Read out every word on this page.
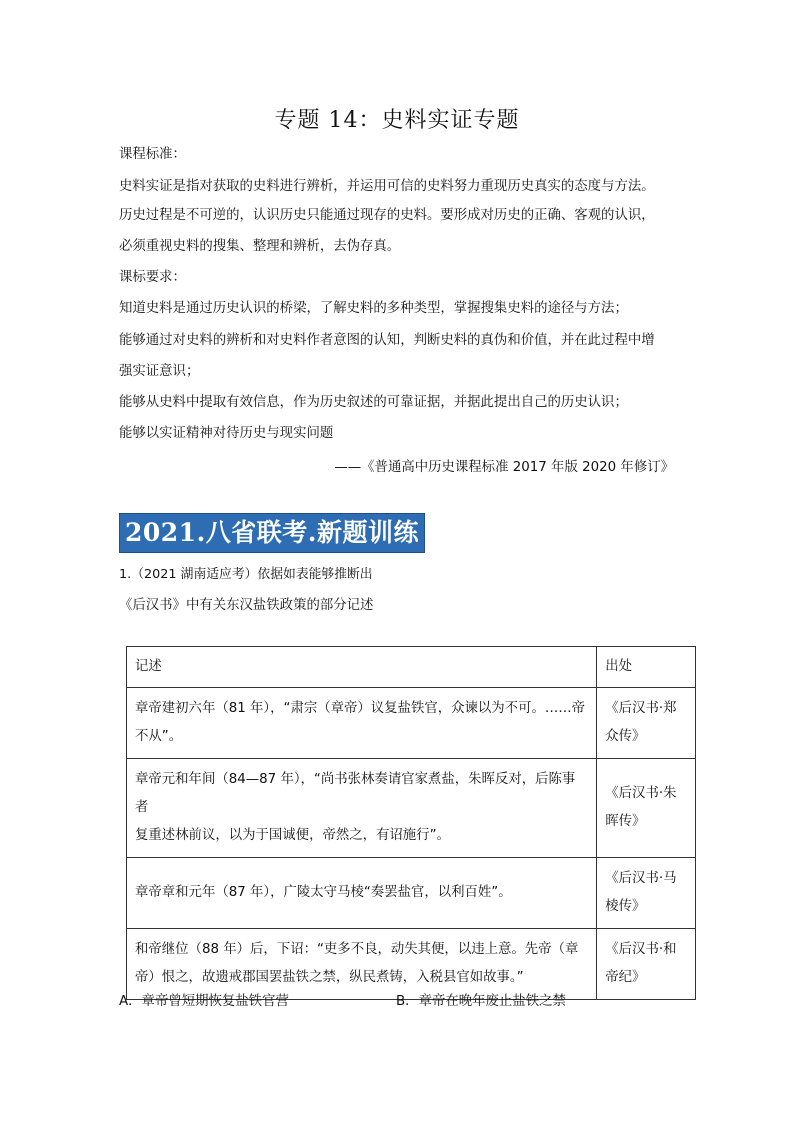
专题 14：史料实证专题
课程标准：
史料实证是指对获取的史料进行辨析，并运用可信的史料努力重现历史真实的态度与方法。
历史过程是不可逆的，认识历史只能通过现存的史料。要形成对历史的正确、客观的认识，
必须重视史料的搜集、整理和辨析，去伪存真。
课标要求：
知道史料是通过历史认识的桥梁，了解史料的多种类型，掌握搜集史料的途径与方法；
能够通过对史料的辨析和对史料作者意图的认知，判断史料的真伪和价值，并在此过程中增
强实证意识；
能够从史料中提取有效信息，作为历史叙述的可靠证据，并据此提出自己的历史认识；
能够以实证精神对待历史与现实问题
——《普通高中历史课程标准 2017 年版 2020 年修订》
2021.八省联考.新题训练
1.（2021 湖南适应考）依据如表能够推断出
《后汉书》中有关东汉盐铁政策的部分记述
记述	出处
章帝建初六年（81 年），“肃宗（章帝）议复盐铁官，众谏以为不可。……帝
不从”。	《后汉书·郑
众传》
章帝元和年间（84—87 年），“尚书张林奏请官家煮盐，朱晖反对，后陈事者
复重述林前议，以为于国诚便，帝然之，有诏施行”。	《后汉书·朱
晖传》
章帝章和元年（87 年），广陵太守马棱“奏罢盐官，以利百姓”。	《后汉书·马
棱传》
和帝继位（88 年）后，下诏：“吏多不良，动失其便，以违上意。先帝（章
帝）恨之，故遗戒郡国罢盐铁之禁，纵民煮铸，入税县官如故事。”	《后汉书·和
帝纪》
A．章帝曾短期恢复盐铁官营	B．章帝在晚年废止盐铁之禁
